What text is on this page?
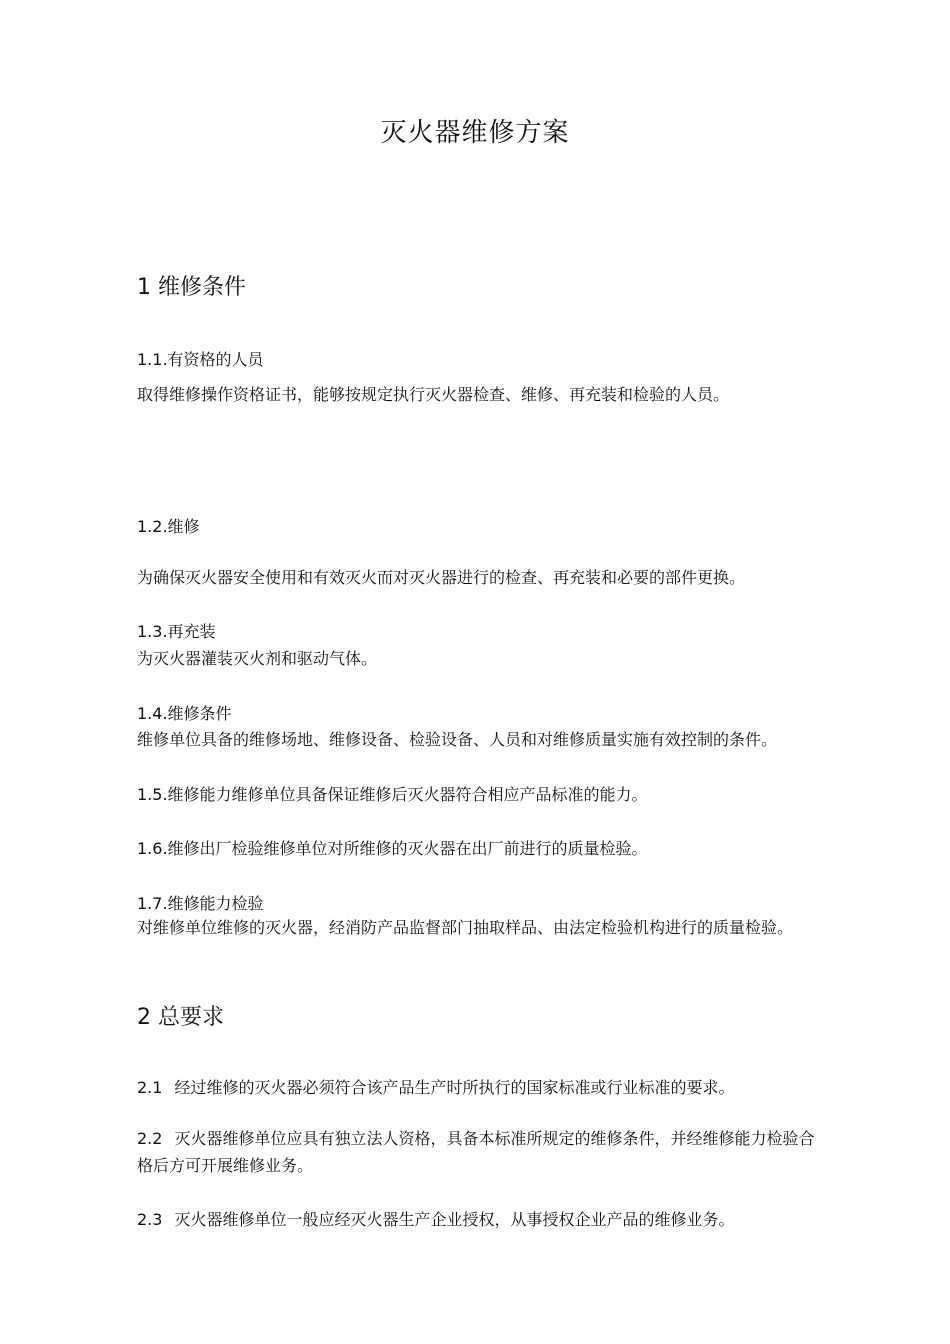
灭火器维修方案
1 维修条件
1.1.有资格的人员
取得维修操作资格证书，能够按规定执行灭火器检查、维修、再充装和检验的人员。
1.2.维修
为确保灭火器安全使用和有效灭火而对灭火器进行的检查、再充装和必要的部件更换。
1.3.再充装
为灭火器灌装灭火剂和驱动气体。
1.4.维修条件
维修单位具备的维修场地、维修设备、检验设备、人员和对维修质量实施有效控制的条件。
1.5.维修能力维修单位具备保证维修后灭火器符合相应产品标准的能力。
1.6.维修出厂检验维修单位对所维修的灭火器在出厂前进行的质量检验。
1.7.维修能力检验
对维修单位维修的灭火器，经消防产品监督部门抽取样品、由法定检验机构进行的质量检验。
2 总要求
2.1 经过维修的灭火器必须符合该产品生产时所执行的国家标准或行业标准的要求。
2.2 灭火器维修单位应具有独立法人资格，具备本标准所规定的维修条件，并经维修能力检验合格后方可开展维修业务。
2.3 灭火器维修单位一般应经灭火器生产企业授权，从事授权企业产品的维修业务。
